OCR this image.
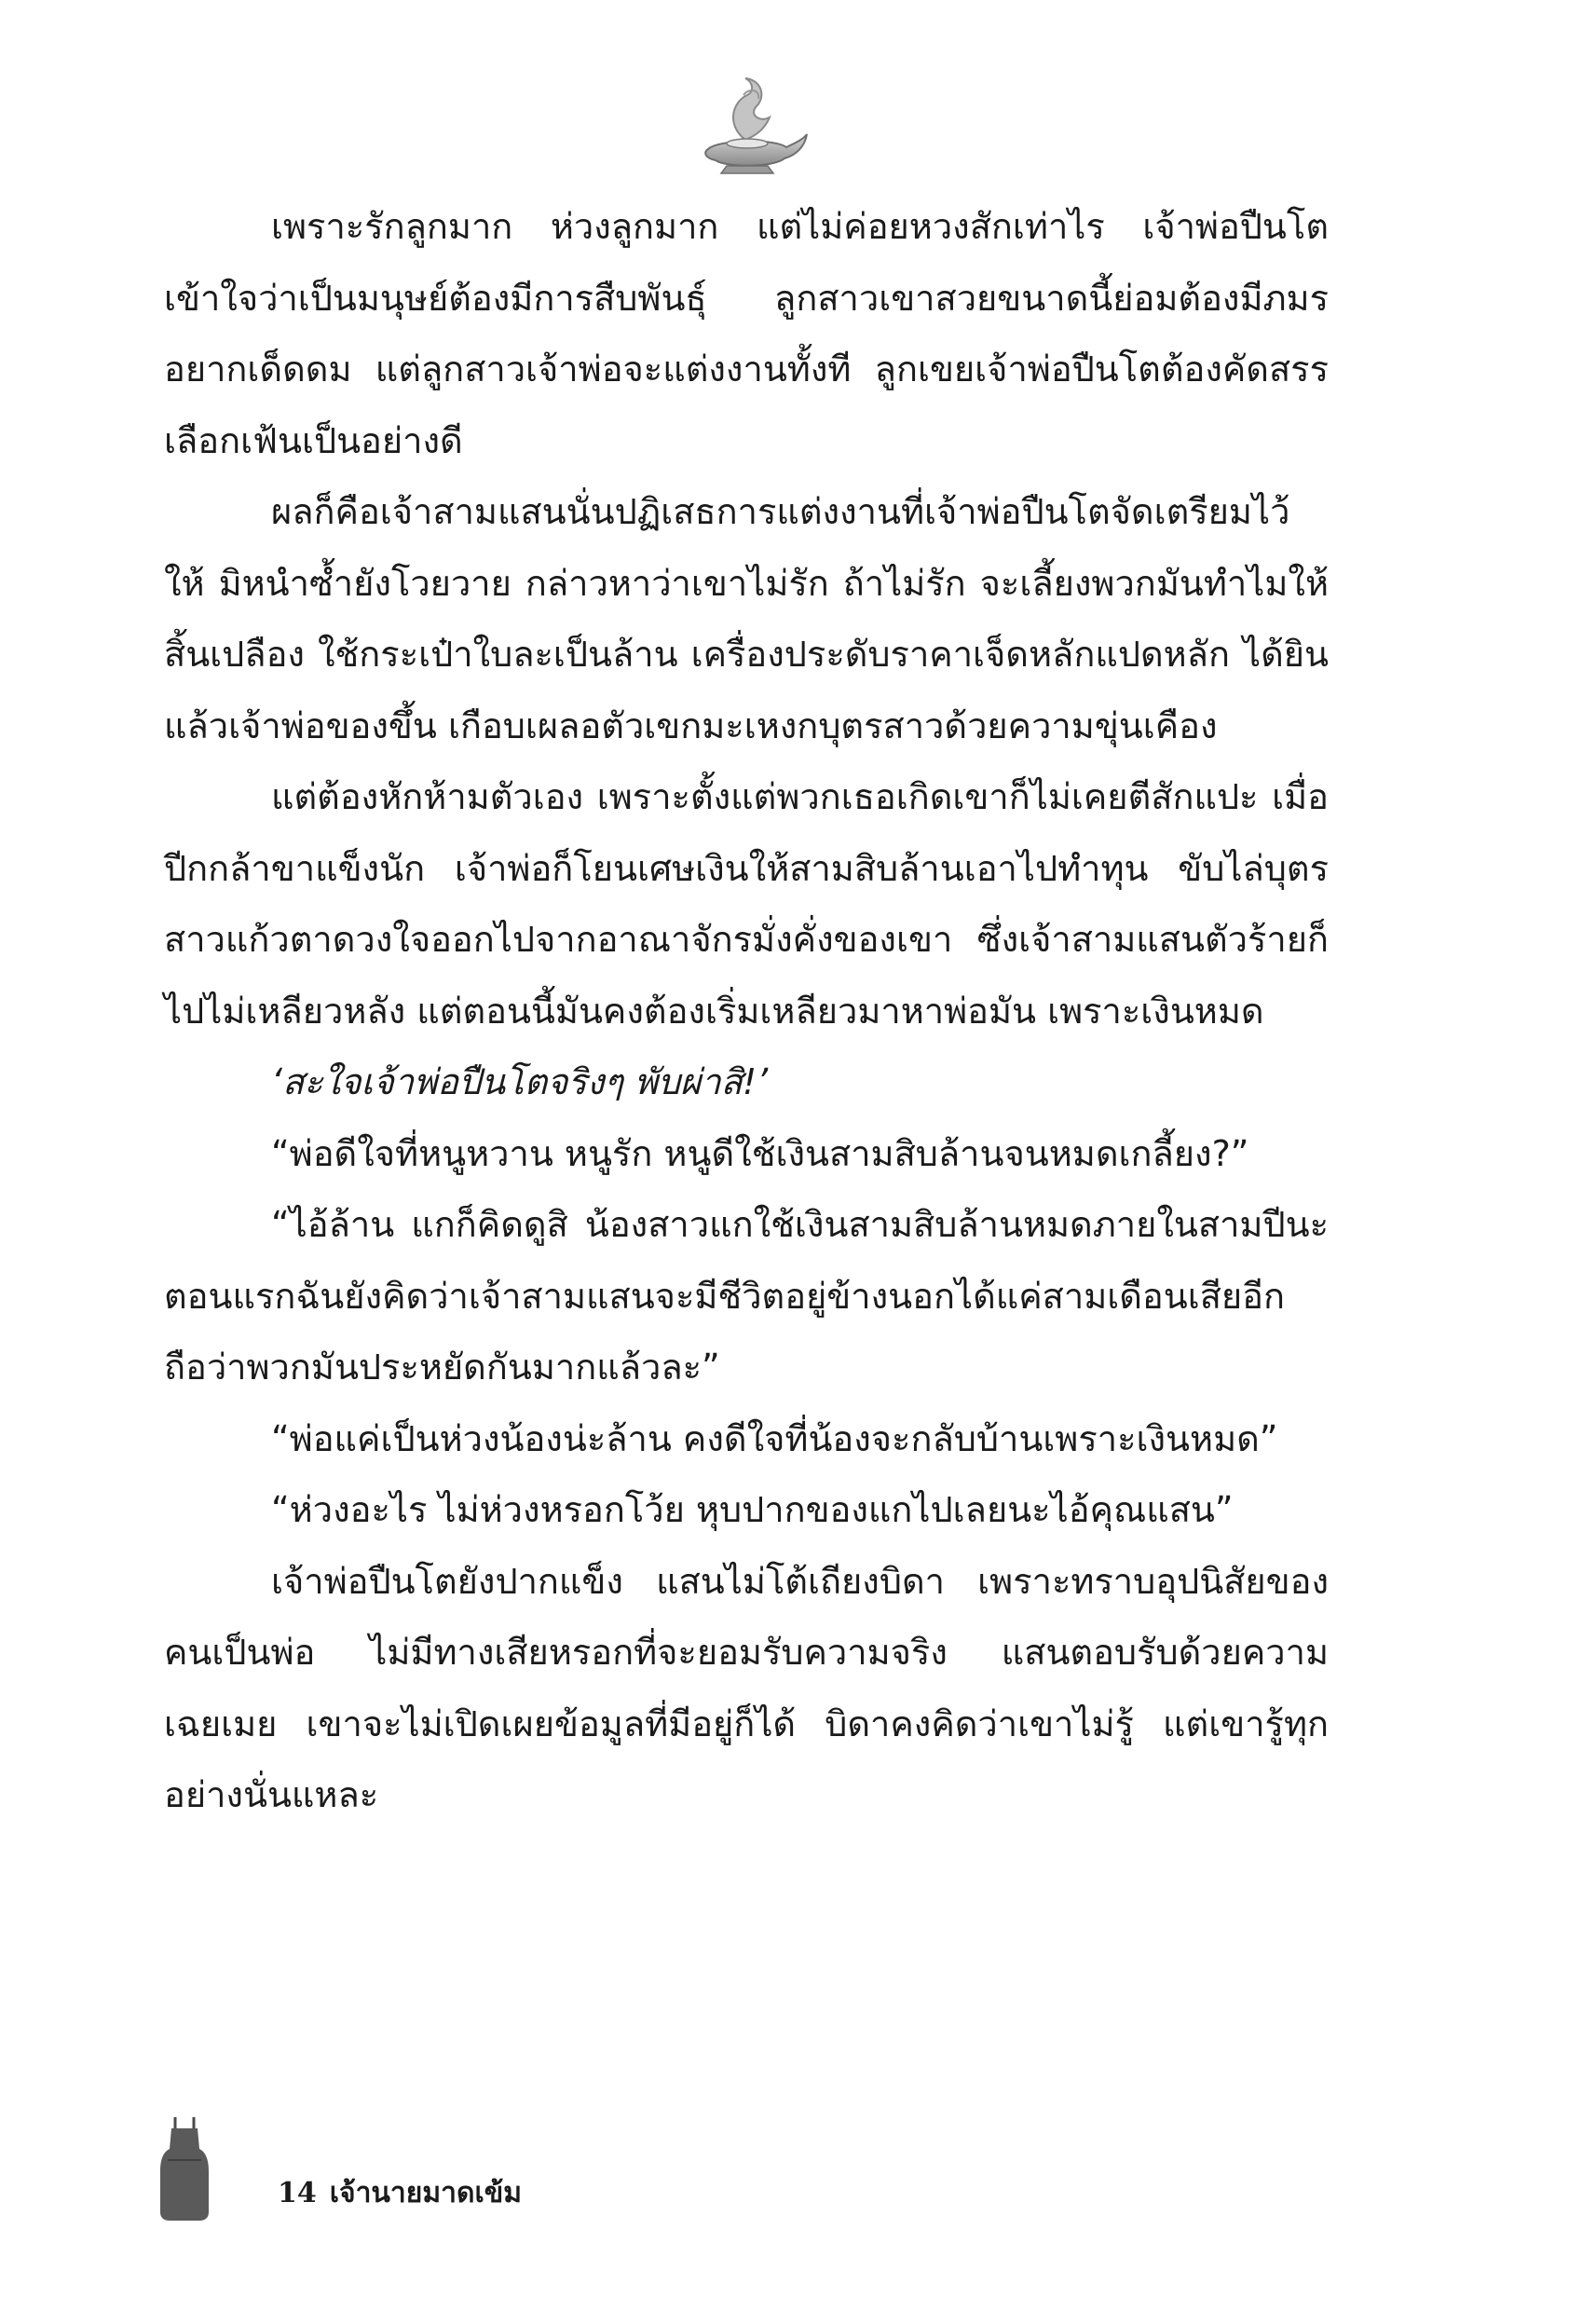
เพราะรักลูกมาก ห่วงลูกมาก แต่ไม่ค่อยหวงสักเท่าไร เจ้าพ่อปืนโตเข้าใจว่าเป็นมนุษย์ต้องมีการสืบพันธุ์ ลูกสาวเขาสวยขนาดนี้ย่อมต้องมีภมรอยากเด็ดดม แต่ลูกสาวเจ้าพ่อจะแต่งงานทั้งที ลูกเขยเจ้าพ่อปืนโตต้องคัดสรรเลือกเฟ้นเป็นอย่างดี

ผลก็คือเจ้าสามแสนนั่นปฏิเสธการแต่งงานที่เจ้าพ่อปืนโตจัดเตรียมไว้ให้ มิหนำซ้ำยังโวยวาย กล่าวหาว่าเขาไม่รัก ถ้าไม่รัก จะเลี้ยงพวกมันทำไมให้สิ้นเปลือง ใช้กระเป๋าใบละเป็นล้าน เครื่องประดับราคาเจ็ดหลักแปดหลัก ได้ยินแล้วเจ้าพ่อของขึ้น เกือบเผลอตัวเขกมะเหงกบุตรสาวด้วยความขุ่นเคือง

แต่ต้องหักห้ามตัวเอง เพราะตั้งแต่พวกเธอเกิดเขาก็ไม่เคยตีสักแปะ เมื่อปีกกล้าขาแข็งนัก เจ้าพ่อก็โยนเศษเงินให้สามสิบล้านเอาไปทำทุน ขับไล่บุตรสาวแก้วตาดวงใจออกไปจากอาณาจักรมั่งคั่งของเขา ซึ่งเจ้าสามแสนตัวร้ายก็ไปไม่เหลียวหลัง แต่ตอนนี้มันคงต้องเริ่มเหลียวมาหาพ่อมัน เพราะเงินหมด

‘สะใจเจ้าพ่อปืนโตจริงๆ พับผ่าสิ!’

“พ่อดีใจที่หนูหวาน หนูรัก หนูดีใช้เงินสามสิบล้านจนหมดเกลี้ยง?”

“ไอ้ล้าน แกก็คิดดูสิ น้องสาวแกใช้เงินสามสิบล้านหมดภายในสามปีนะ ตอนแรกฉันยังคิดว่าเจ้าสามแสนจะมีชีวิตอยู่ข้างนอกได้แค่สามเดือนเสียอีก ถือว่าพวกมันประหยัดกันมากแล้วละ”

“พ่อแค่เป็นห่วงน้องน่ะล้าน คงดีใจที่น้องจะกลับบ้านเพราะเงินหมด”

“ห่วงอะไร ไม่ห่วงหรอกโว้ย หุบปากของแกไปเลยนะไอ้คุณแสน”

เจ้าพ่อปืนโตยังปากแข็ง แสนไม่โต้เถียงบิดา เพราะทราบอุปนิสัยของคนเป็นพ่อ ไม่มีทางเสียหรอกที่จะยอมรับความจริง แสนตอบรับด้วยความเฉยเมย เขาจะไม่เปิดเผยข้อมูลที่มีอยู่ก็ได้ บิดาคงคิดว่าเขาไม่รู้ แต่เขารู้ทุกอย่างนั่นแหละ

14 เจ้านายมาดเข้ม
